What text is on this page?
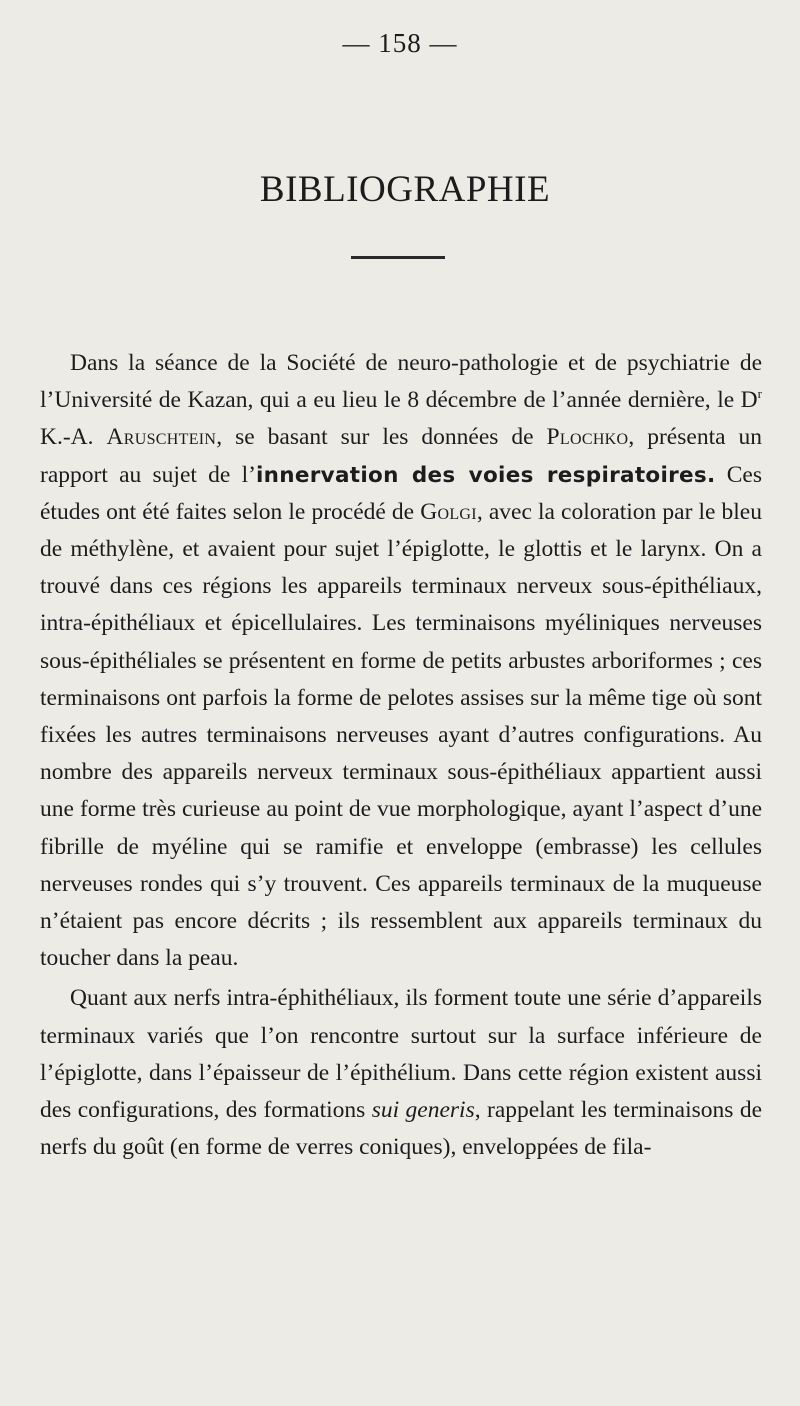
— 158 —
BIBLIOGRAPHIE

Dans la séance de la Société de neuro-pathologie et de psychiatrie de l’Université de Kazan, qui a eu lieu le 8 décembre de l’année dernière, le $D^r$ K.-A. Aruschtein, se basant sur les données de Plochko, présenta un rapport au sujet de l’innervation des voies respiratoires. Ces études ont été faites selon le procédé de Golgi, avec la coloration par le bleu de méthylène, et avaient pour sujet l’épiglotte, le glottis et le larynx. On a trouvé dans ces régions les appareils terminaux nerveux sous-épithéliaux, intra-épithéliaux et épicellulaires. Les terminaisons myéliniques nerveuses sous-épithéliales se présentent en forme de petits arbustes arboriformes ; ces terminaisons ont parfois la forme de pelotes assises sur la même tige où sont fixées les autres terminaisons nerveuses ayant d’autres configurations. Au nombre des appareils nerveux terminaux sous-épithéliaux appartient aussi une forme très curieuse au point de vue morphologique, ayant l’aspect d’une fibrille de myéline qui se ramifie et enveloppe (embrasse) les cellules nerveuses rondes qui s’y trouvent. Ces appareils terminaux de la muqueuse n’étaient pas encore décrits ; ils ressemblent aux appareils terminaux du toucher dans la peau.

Quant aux nerfs intra-éphithéliaux, ils forment toute une série d’appareils terminaux variés que l’on rencontre surtout sur la surface inférieure de l’épiglotte, dans l’épaisseur de l’épithélium. Dans cette région existent aussi des configurations, des formations sui generis, rappelant les terminaisons de nerfs du goût (en forme de verres coniques), enveloppées de fila-
